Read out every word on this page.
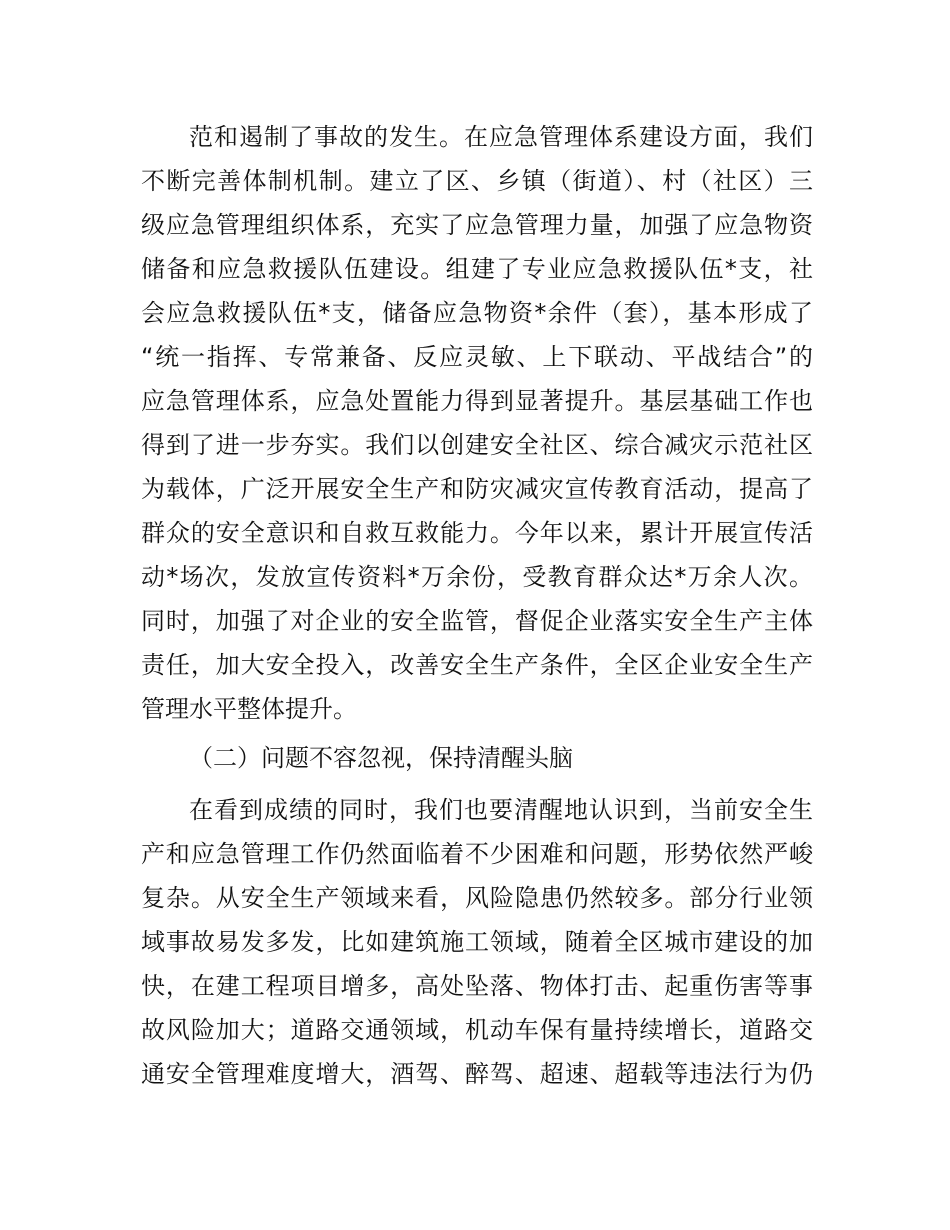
范和遏制了事故的发生。在应急管理体系建设方面，我们
不断完善体制机制。建立了区、乡镇（街道）、村（社区）三
级应急管理组织体系，充实了应急管理力量，加强了应急物资
储备和应急救援队伍建设。组建了专业应急救援队伍*支，社
会应急救援队伍*支，储备应急物资*余件（套），基本形成了
“统一指挥、专常兼备、反应灵敏、上下联动、平战结合”的
应急管理体系，应急处置能力得到显著提升。基层基础工作也
得到了进一步夯实。我们以创建安全社区、综合减灾示范社区
为载体，广泛开展安全生产和防灾减灾宣传教育活动，提高了
群众的安全意识和自救互救能力。今年以来，累计开展宣传活
动*场次，发放宣传资料*万余份，受教育群众达*万余人次。
同时，加强了对企业的安全监管，督促企业落实安全生产主体
责任，加大安全投入，改善安全生产条件，全区企业安全生产
管理水平整体提升。
（二）问题不容忽视，保持清醒头脑
在看到成绩的同时，我们也要清醒地认识到，当前安全生
产和应急管理工作仍然面临着不少困难和问题，形势依然严峻
复杂。从安全生产领域来看，风险隐患仍然较多。部分行业领
域事故易发多发，比如建筑施工领域，随着全区城市建设的加
快，在建工程项目增多，高处坠落、物体打击、起重伤害等事
故风险加大；道路交通领域，机动车保有量持续增长，道路交
通安全管理难度增大，酒驾、醉驾、超速、超载等违法行为仍
